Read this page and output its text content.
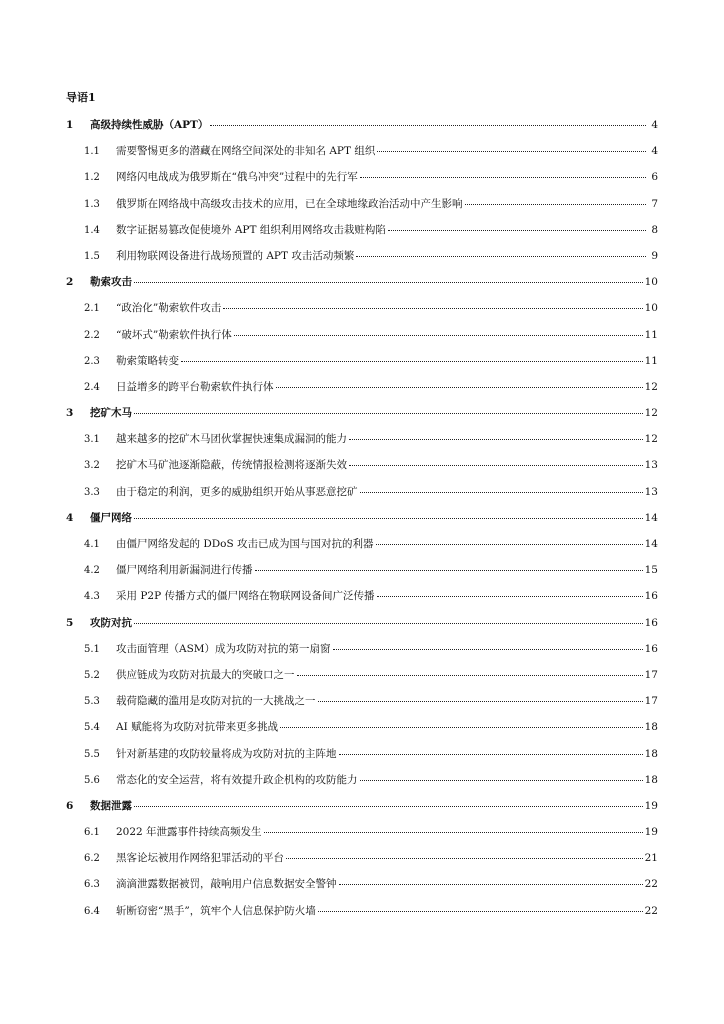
导语1
1	高级持续性威胁（APT）	4
1.1	需要警惕更多的潜藏在网络空间深处的非知名 APT 组织	4
1.2	网络闪电战成为俄罗斯在“俄乌冲突”过程中的先行军	6
1.3	俄罗斯在网络战中高级攻击技术的应用，已在全球地缘政治活动中产生影响	7
1.4	数字证据易篡改促使境外 APT 组织利用网络攻击栽赃构陷	8
1.5	利用物联网设备进行战场预置的 APT 攻击活动频繁	9
2	勒索攻击	10
2.1	“政治化”勒索软件攻击	10
2.2	“破坏式”勒索软件执行体	11
2.3	勒索策略转变	11
2.4	日益增多的跨平台勒索软件执行体	12
3	挖矿木马	12
3.1	越来越多的挖矿木马团伙掌握快速集成漏洞的能力	12
3.2	挖矿木马矿池逐渐隐蔽，传统情报检测将逐渐失效	13
3.3	由于稳定的利润，更多的威胁组织开始从事恶意挖矿	13
4	僵尸网络	14
4.1	由僵尸网络发起的 DDoS 攻击已成为国与国对抗的利器	14
4.2	僵尸网络利用新漏洞进行传播	15
4.3	采用 P2P 传播方式的僵尸网络在物联网设备间广泛传播	16
5	攻防对抗	16
5.1	攻击面管理（ASM）成为攻防对抗的第一扇窗	16
5.2	供应链成为攻防对抗最大的突破口之一	17
5.3	载荷隐藏的滥用是攻防对抗的一大挑战之一	17
5.4	AI 赋能将为攻防对抗带来更多挑战	18
5.5	针对新基建的攻防较量将成为攻防对抗的主阵地	18
5.6	常态化的安全运营，将有效提升政企机构的攻防能力	18
6	数据泄露	19
6.1	2022 年泄露事件持续高频发生	19
6.2	黑客论坛被用作网络犯罪活动的平台	21
6.3	滴滴泄露数据被罚，敲响用户信息数据安全警钟	22
6.4	斩断窃密“黑手”，筑牢个人信息保护防火墙	22
